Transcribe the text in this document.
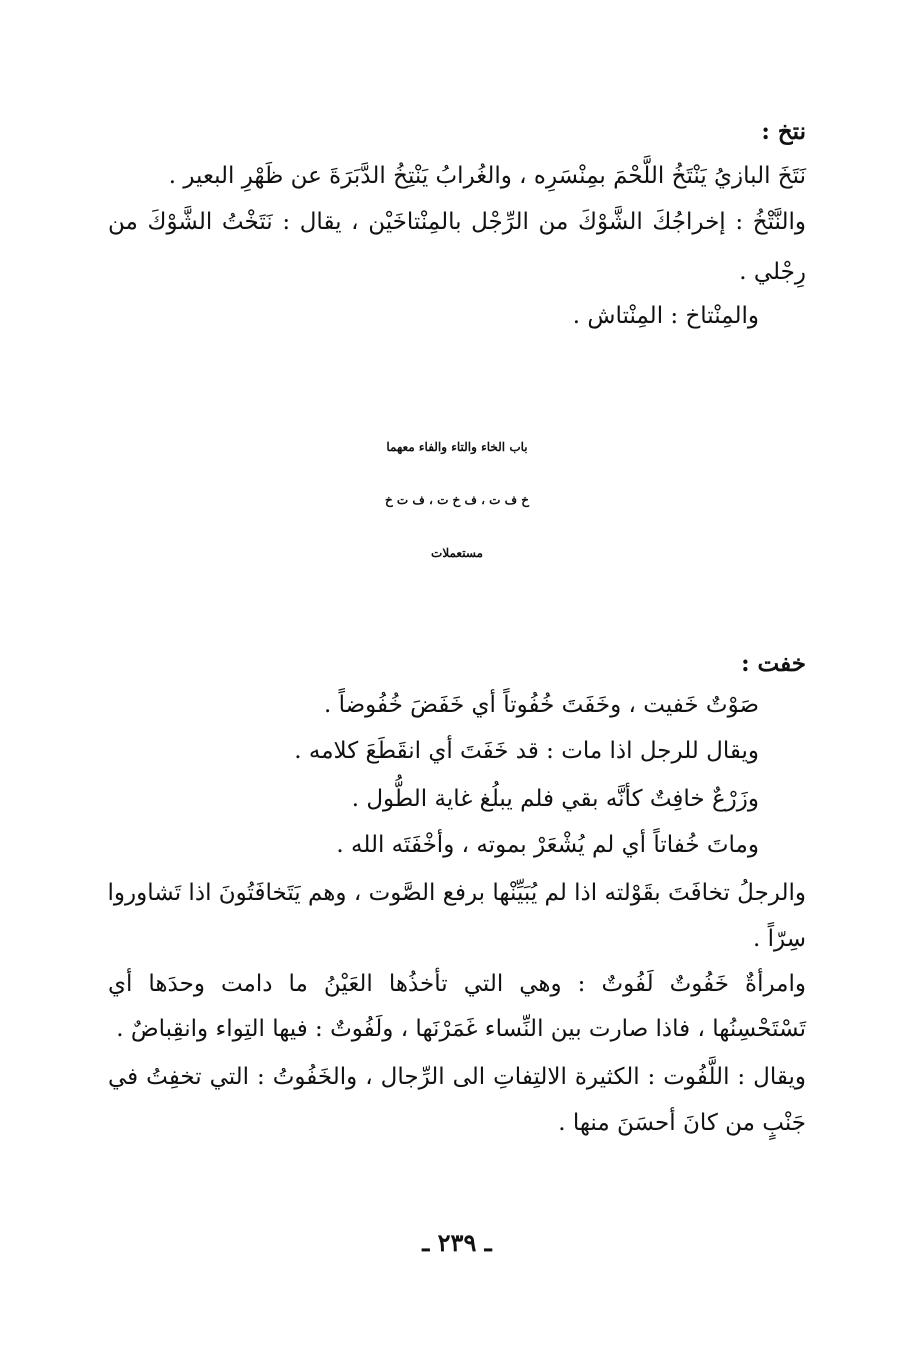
نتخ :
نَتَخَ البازيُ يَنْتَخُ اللَّحْمَ بمِنْسَرِه ، والغُرابُ يَنْتِخُ الدَّبَرَةَ عن ظَهْرِ البعير .
والنَّتْخُ : إخراجُكَ الشَّوْكَ من الرِّجْل بالمِنْتاخَيْن ، يقال : نَتَخْتُ الشَّوْكَ من
رِجْلي .
والمِنْتاخ : المِنْتاش .
باب الخاء والتاء والفاء معهما
خ ف ت ، ف خ ت ، ف ت خ
مستعملات
خفت :
صَوْتٌ خَفيت ، وخَفَتَ خُفُوتاً أي خَفَضَ خُفُوضاً .
ويقال للرجل اذا مات : قد خَفَتَ أي انقَطَعَ كلامه .
وزَرْعٌ خافِتٌ كأنَّه بقي فلم يبلُغ غاية الطُّول .
وماتَ خُفاتاً أي لم يُشْعَرْ بموته ، وأخْفَتَه الله .
والرجلُ تخافَتَ بقَوْلته اذا لم يُبَيِّنْها برفع الصَّوت ، وهم يَتَخافَتُونَ اذا تَشاوروا
سِرّاً .
وامرأةٌ خَفُوتٌ لَفُوتٌ : وهي التي تأخذُها العَيْنُ ما دامت وحدَها أي
تَسْتَحْسِنُها ، فاذا صارت بين النِّساء غَمَرْنَها ، ولَفُوتٌ : فيها التِواء وانقِباضٌ .
ويقال : اللَّفُوت : الكثيرة الالتِفاتِ الى الرِّجال ، والخَفُوتُ : التي تخفِتُ في
جَنْبٍ من كانَ أحسَنَ منها .
ـ ٢٣٩ ـ
